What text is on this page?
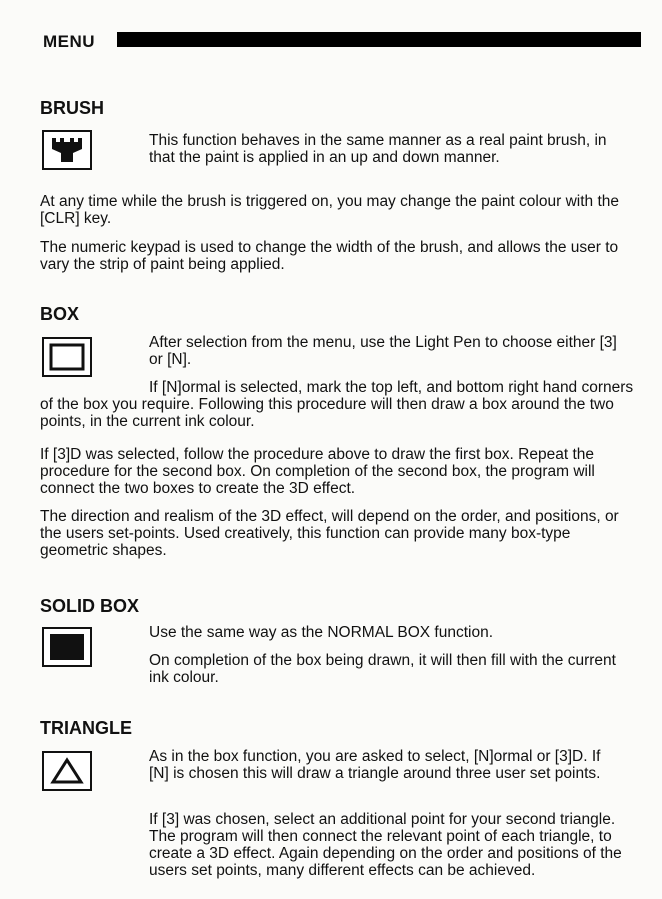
MENU
BRUSH

This function behaves in the same manner as a real paint brush, in that the paint is applied in an up and down manner.

At any time while the brush is triggered on, you may change the paint colour with the [CLR] key.

The numeric keypad is used to change the width of the brush, and allows the user to vary the strip of paint being applied.

BOX

After selection from the menu, use the Light Pen to choose either [3] or [N].

If [N]ormal is selected, mark the top left, and bottom right hand corners of the box you require. Following this procedure will then draw a box around the two points, in the current ink colour.

If [3]D was selected, follow the procedure above to draw the first box. Repeat the procedure for the second box. On completion of the second box, the program will connect the two boxes to create the 3D effect.

The direction and realism of the 3D effect, will depend on the order, and positions, or the users set-points. Used creatively, this function can provide many box-type geometric shapes.

SOLID BOX

Use the same way as the NORMAL BOX function.

On completion of the box being drawn, it will then fill with the current ink colour.

TRIANGLE

As in the box function, you are asked to select, [N]ormal or [3]D. If [N] is chosen this will draw a triangle around three user set points.

If [3] was chosen, select an additional point for your second triangle. The program will then connect the relevant point of each triangle, to create a 3D effect. Again depending on the order and positions of the users set points, many different effects can be achieved.
